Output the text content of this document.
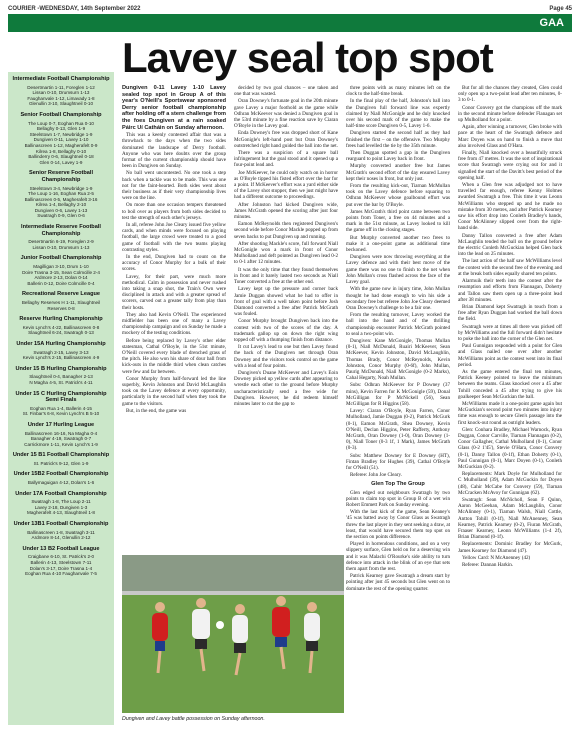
COURIER -WEDNESDAY, 14th September 2022	Page 45
GAA
Intermediate Football Championship

Desertmartin 1-11, Foreglen 1-12

Lissan 0-10, Drumsurn 1-13

Faughanvale 1-12, Limavady 1-8

Glenullin 3-10, Slaughtneil 0-10

Senior Football Championship

The Loup 0-7, Eoghan Rua 0-10

Bellaghy 0-13, Glen 1-9

Steelstown 1-7, Newbridge 1-9

Dungiven 0-11, Lavey 1-10

Ballinascreen 1-12, Magherafelt 0-9

Kilrea 1-8, Bellaghy 0-10

Ballinderry 0-6, Slaughtneil 0-18

Glen 0-14, Lavey 1-9

Senior Reserve Football Championship

Steelstown 3-4, Newbridge 1-9

The Loup 1-16, Eoghan Rua 2-5

Ballinascreen 0-5, Magherafelt 3-16

Kilrea 1-4, Bellaghy 2-10

Dungiven 0-6, Lavey 1-13

Swatragh 0-9, Glen 0-6

Intermediate Reserve Football Championship

Desertmartin 6-19, Foreglen 2-9

Lissan 0-10, Drumsurn 1-13

Junior Football Championship

Magilligan 3-10, Drum 1-10

Doire Trasna 3-15, Sean Colmcille 2-4

Ardmore 2-13, Dolan 0-14

Ballerin 0-12, Doire Colmcille 0-4

Recreational Reserve League

Bellaghy Reserves H 1-11, Slaughtneil Reserves 0-8

Reserve Hurling Championship

Kevin Lynch's 4-22, Ballinascreen 0-8

Slaughtneil 6-24, Swatragh 0-13

Under 15A Hurling Championship

Swatragh 2-15, Lavey 3-13

Kevin Lynch's 2-15, Ballinascreen 4-9

Under 15 B Hurling Championship

Slaughtneil 0-4, Banagher 2-13

N Magha 4-5, St. Patrick's 4-11

Under 15 C Hurling Championship Semi Finals

Eoghan Rua 1-4, Ballerin 4-15

St. Finbar's 6-8, Kevin Lynch's B 5-10

Under 17 Hurling League

Ballinascreen 16-16, Na Magha 0-4

Banagher 4-19, Swatragh 0-7

Carrickmore 1-11, Kevin Lynch's 1-9

Under 15 B1 Football Championship

St. Patrick's 9-12, Glen 1-9

Under 15B2 Football Championship

Ballymaguigan 4-12, Dolan's 1-6

Under 17A Football Championship

Swatragh 1-8, The Loup 2-11

Lavey 2-18, Dungiven 1-3

Magherafelt 4-13, Slaughtneil 1-8

Under 13B1 Football Championship

Ballinascreen 1-8, Swatragh 3-11

Ardmore 8-14, Glenullin 2-12

Under 13 B2 Football League

Craigbane 6-10, St. Patrick's 2-0

Ballerin 4-13, Steelstown 7-11

Dolan's 3-17, Doire Trasna 1-4

Eoghan Rua 4-10 Faughanvale 7-5

Lavey seal top spot

Dungiven 0-11 Lavey 1-10 Lavey sealed top spot in Group A of this year's O'Neill's Sportswear sponsored Derry senior football championship after holding off a stern challenge from the foes Dungiven at a rain soaked Páirc Uí Catháin on Sunday afternoon.

This was a keenly contested affair that was a throwback to the days when the two sides dominated the landscape of Derry football. Anyone who was here doubts over the group format of the current championship should have been in Dungiven on Sunday.

No ball went uncontested. No one took a step back when a tackle was to be made. This was one not for the faint-hearted. Both sides went about their business as if their very championship lives were on the line.

On more than one occasion tempers threatened to boil over as players from both sides decided to test the strength of each other's jerseys.

In all, referee John Joe Cleary issued five yellow cards, and when minds were focused on playing football, the large crowd were treated to a good game of football with the two teams playing contrasting styles.

In the end, Dungiven had to count on the accuracy of Conor Murphy for a bulk of their scores.

Lavey, for their part, were much more methodical. Calm in possession and never rushed into taking a snap shot, the Train's Own were disciplined in attack and with a greater spread of scorers, carved out a greater tally from play than their hosts.

They also had Kevin O'Neill. The experienced midfielder has been one of many a Lavey championship campaign and on Sunday he made a mockery of the testing conditions.

Before being replaced by Lavey's other elder statesman, Cathal O'Boyle, in the 51st minute, O'Neill covered every blade of drenched grass of the pitch. He also won his share of dour ball from kick-outs in the middle third when clean catches were few and far between.

Conor Murphy from half-forward led the line superbly, Kevin Johnston and David McLaughlin took on the Lavey defence at every opportunity, particularly in the second half when they took the game to the visitors.

But, in the end, the game was

decided by two goal chances – one taken and one that was wasted.

Oran Downey's fortunate goal in the 20th minute gave Lavey a major foothold as the game while Odhran McKeever was denied a Dungiven goal in the 53rd minute by a fine reaction save by Ciaran O'Boyle in the Lavey goal.

Enda Downey's free was dropped short of Kane McGonigle's left-hand post but Oran Downey's outstretched right hand guided the ball into the net.

There was a suspicion of a square ball infringement but the goal stood and it opened up a four-point lead and.

Joe McKeever, he could only watch on in horror as O'Boyle tipped his fisted effort over the bar for a point. If McKeever's effort was a yard either side of the Lavey shot stopper, then we just might have had a different outcome to proceedings.

After Johnston had kicked Dungiven wide, James McGrath opened the scoring after just four minutes.

Eamon McReynolds then registered Dungiven's second wide before Conor Mackle popped up from seven backs to put Dungiven up and running.

After shooting Mackle's score, full forward Niall McGonigle won a mark in front of Conor Mulholland and deft pointed as Dungiven lead 0-2 to 0-1 after 12 minutes.

It was the only time that they found themselves in front and it barely lasted two seconds as Niall Toner converted a free at the other end.

Lavey kept up the pressure and corner back Jamie Duggan showed what he had to offer in front of goal with a well taken point before Josh Diamond converted a free after Patrick McGrath was fouled.

Conor Murphy brought Dungiven back into the contest with two of the scores of the day. A trademark gallop up on down the right wing topped off with a thumping finish from distance.

It cut Lavey's lead to one but then Lavey found the back of the Dungiven net through Oran Downey and the visitors took control on the game with a lead of four points.

Dungiven's Duane McKeever and Lavey's Eoin Downey picked up yellow cards after appearing to wrestle each other to the ground before Murphy uncharacteristically send a free wide for Dungiven. However, he did redeem himself minutes later to cut the gap to

three points with as many minutes left on the clock to the half-time break.

In the final play of the half, Johnston's ball into the Dungiven full forward line was expertly claimed by Niall McGonigle and he duly knocked over his second mark of the game to make the half-time score Dungiven 0-5, Lavey 1-6.

Dungiven started the second half as they had finished the first – on the offensive. Two Murphy frees had levelled the tie by the 35th minute.

Then Duggan spotted a gap in the Dungiven rearguard to point Lavey back in front.

Murphy converted another free but James McGrath's second effort of the day ensured Lavey kept their noses in front, but only just.

From the resulting kick-out, Tiarnan McMullan took on the Lavey defence before squaring to Odhran McKeever whose goalbound effort was put over the bar by O'Boyle.

James McGrath's third point came between two points from Toner, a free on 44 minutes and a mark in the 51st minute, as Lavey looked to kill the game off in the closing stages.

But Murphy converted another two frees to make it a one-point game as additional time beckoned.

Dungiven were now throwing everything at the Lavey defence and with their best move of the game there was no one to finish to the net when John Mullan's cross flashed across the face of the Lavey goal.

With the game now in injury time, John Mullan thought he had done enough to win his side a secondary free but referee John Joe Cleary deemed Oran Downey's challenge to be a fair one.

From the resulting turnover, Lavey worked the ball into the hand and of the thrilling championship encounter Patrick McGrath pointed to seal a two-point win.

Dungiven: Kane McGonigle, Thomas Mullan (0-1), Niall McDonald, Ruairi McKeever, Sean McKeever, Kevin Johnston, David McLaughlin, Thomas Brady, Conor McReynolds, Kevin Johnston, Conor Murphy (0-6f), John Mullan, Paurig McDonald, Niall McGonigle (0-2 Marks), Cahal Hegarty, Noah Mullan.

Subs: Odhran McKeever for P Downey (37 mins), Kevin Farren for K McGonigle (59), Donal McGilligan for P McNickell (56), Sean McGilligan for R Higgins (58).

Lavey: Ciaran O'Boyle, Ryan Farren, Conor Mulholland, Jamie Duggan (0-2), Patrick McGurk (0-1), Eamon McGrath, Shea Downey, Kevin O'Neill, Declan Higgins, Peter Rafferty, Anthony McGrath, Oran Downey (1-0), Oran Downey (1-0), Niall Toner (0-3 1f, 1 Mark), James McGrath (0-3).

Subs: Matthew Downey for E Downey (HT), Fintan Bradley for Hughes (39), Cathal O'Boyle for O'Neill (51).

Referee: John Joe Cleary.

Glen Top The Group

Glen edged out neighbours Swatragh by two points to claim top spot in Group B of a wet win Robert Emmett Park on Sunday evening.

With the last kick of the game, Sean Keaney's '45 was batted away by Conor Glass as Swatragh threw the last player in they sent seeking a draw, at least, that would have secured them top spot on the section on points difference.

Played in horrendous conditions, and on a very slippery surface, Glen held on for a deserving win and it was Malachi O'Rourke's side ability to turn defence into attack in the blink of an eye that sets them apart from the rest.

Patrick Kearney gave Swatragh a dream start by pointing after just 45 seconds but Glen went on to dominate the rest of the opening quarter.

But for all the chances they created, Glen could only open up a two-point lead after ten minutes, 0-3 to 0-1.

Conor Convery got the champions off the mark in the second minute before defender Flanagan set up Mulholland for a point.

Again, after winning a turnover, Glen broke with pace at the heart of the Swatragh defence and Marc Doyen was on hand to finish a move that also involved Glass and O'Hara.

Finally, Niall knocked over a beautifully struck free from 47 metres. It was the sort of inspirational score that Swatragh were crying out for and it signalled the start of the Davitt's best period of the opening half.

When a Glen free was adjudged not to have travelled far enough, referee Kenny Holmes awarded Swatragh a free. This time it was Leonn McWilliams who stepped up and he made no mistake from 30 metres, and after Patrick Kearney saw his effort drop into Conleth Bradley's hands, Conor McAlinney slipped over from the right-hand side.

Danny Tallon converted a free after Adam McLaughlin tended the ball on the ground before the electric Conleth McGuckian helped Glen back into the lead on 25 minutes.

The last action of the half saw McWilliams level the contest with the second free of the evening and at the break both sides equally shared ten points.

Alarmuik their teeth into the contest after the resumption and efforts from Flannagan, Doherty and Tallon saw them open up a three-point lead after 38 minutes.

Brian Diamond kept Swatragh in touch from a free after Ryan Duggan had worked the ball down the field.

Swatragh were at times all there was picked off by McWilliams and the full forward didn't hesitate to poke the ball into the corner of the Glen net.

Paul Gunnigan responded with a point for Glen and Glass nailed one over after another McWilliams point as the contest went into its final period.

As the game entered the final ten minutes, Patrick Keeney pointed to leave the minimum between the teams. Glass knocked over a 45 after Tohill conceded a 45 after trying to give his goalkeeper Sean McGuckian the ball.

McWilliams made it a one-point game again but McGuckian's second point two minutes into injury time was enough to secure Glen's passage into the first knock-out round as outright leaders.

Glen: Conhara Bradley, Michael Warnock, Ryan Duggan, Conor Carville, Tiarnan Flannagan (0-2), Conor Gallagher, Cathal Mulholland (0-1), Conor Glass (0-2 1'45'), Stevie O'Hara, Conor Convery (0-1), Danny Tallon (0-1f), Ethan Doherty (0-1), Paul Gunnigan (0-1), Marc Doyen (0-1), Conleth McGuckian (0-2).

Replacements: Mark Doyle for Mulholland for C Mulholland (39), Adam McGuckin for Doyen (48), Cahir McCabe for Convery (59), Tiarnan McCracken McAvoy for Gunnigan (62).

Swatragh: Sean McNicholl, Sean F Quinn, Aaron McGeehan, Adam McLaughlin, Conor McAlinney (0-1), Tiarnan Walsh, Niall Cottle, Antton Tohill (0-1f), Niall McAnenney, Sean Kearney, Patrick Kearney (0-2), Fiuran McGrath, Fraaser Kearney, Leonn McWilliams (1-4 2f), Brian Diamond (0-1f).

Replacements: Dominic Bradley for McGurk, James Kearney for Diamond (47).

Yellow Card: N McAnenney (42)

Referee: Dannan Harkin.

Dungiven and Lavey battle possession on Sunday afternoon.
